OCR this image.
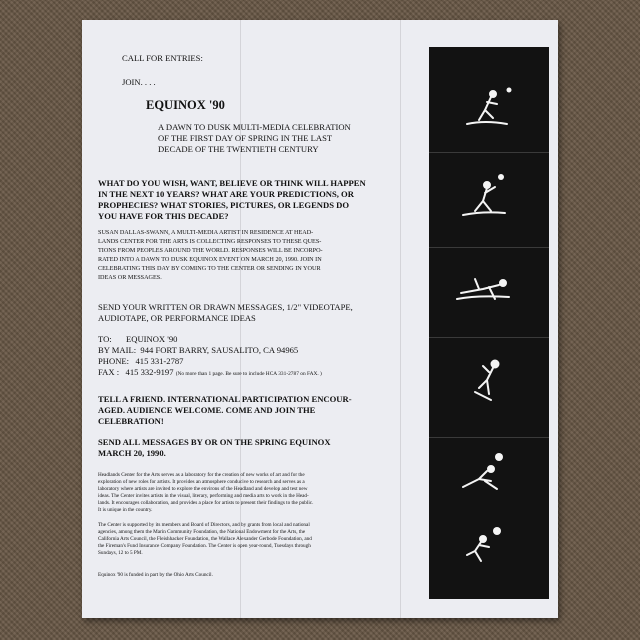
CALL FOR ENTRIES:

JOIN. . . .

EQUINOX '90

A DAWN TO DUSK MULTI-MEDIA CELEBRATION

OF THE FIRST DAY OF SPRING IN THE LAST

DECADE OF THE TWENTIETH CENTURY

WHAT DO YOU WISH, WANT, BELIEVE OR THINK WILL HAPPEN

IN THE NEXT 10 YEARS? WHAT ARE YOUR PREDICTIONS, OR

PROPHECIES? WHAT STORIES, PICTURES, OR LEGENDS DO

YOU HAVE FOR THIS DECADE?

SUSAN DALLAS-SWANN, A MULTI-MEDIA ARTIST IN RESIDENCE AT HEAD-

LANDS CENTER FOR THE ARTS IS COLLECTING RESPONSES TO THESE QUES-

TIONS FROM PEOPLES AROUND THE WORLD. RESPONSES WILL BE INCORPO-

RATED INTO A DAWN TO DUSK EQUINOX EVENT ON MARCH 20, 1990. JOIN IN

CELEBRATING THIS DAY BY COMING TO THE CENTER OR SENDING IN YOUR

IDEAS OR MESSAGES.

SEND YOUR WRITTEN OR DRAWN MESSAGES, 1/2" VIDEOTAPE,

AUDIOTAPE, OR PERFORMANCE IDEAS

TO: EQUINOX '90

BY MAIL: 944 FORT BARRY, SAUSALITO, CA 94965

PHONE: 415 331-2787

FAX : 415 332-9197 (No more than 1 page. Be sure to include HCA 331-2787 on FAX. )

TELL A FRIEND. INTERNATIONAL PARTICIPATION ENCOUR-

AGED. AUDIENCE WELCOME. COME AND JOIN THE

CELEBRATION!

SEND ALL MESSAGES BY OR ON THE SPRING EQUINOX

MARCH 20, 1990.

Headlands Center for the Arts serves as a laboratory for the creation of new works of art and for the

exploration of new roles for artists. It provides an atmosphere conducive to research and serves as a

laboratory where artists are invited to explore the environs of the Headland and develop and test new

ideas. The Center invites artists in the visual, literary, performing and media arts to work in the Head-

lands. It encourages collaboration, and provides a place for artists to present their findings to the public.

It is unique in the country.

The Center is supported by its members and Board of Directors, and by grants from local and national

agencies, among them the Marin Community Foundation, the National Endowment for the Arts, the

California Arts Council, the Fleishhacker Foundation, the Wallace Alexander Gerbode Foundation, and

the Fireman's Fund Insurance Company Foundation. The Center is open year-round, Tuesdays through

Sundays, 12 to 5 PM.

Equinox '90 is funded in part by the Ohio Arts Council.
